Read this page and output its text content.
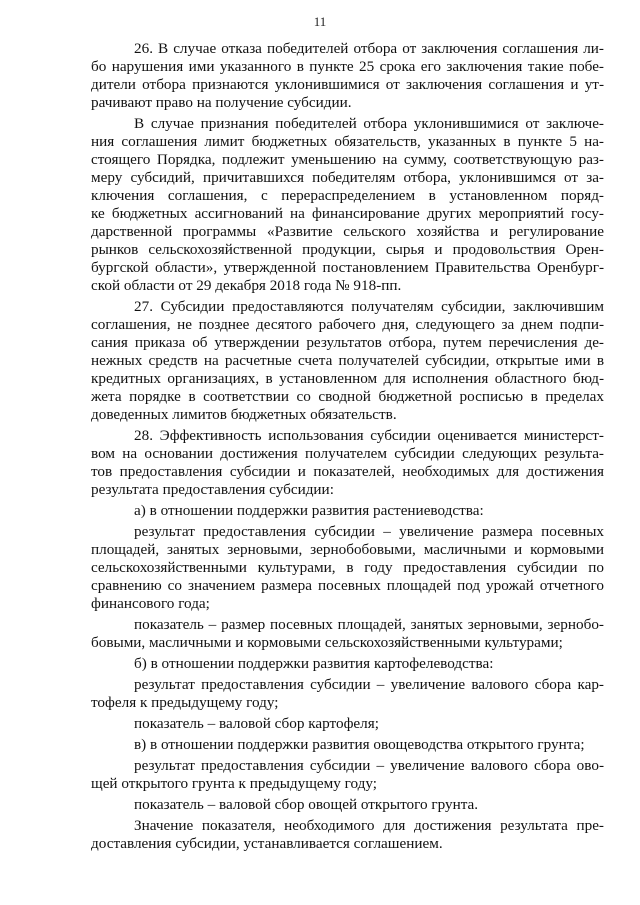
11
26. В случае отказа победителей отбора от заключения соглашения ли-
бо нарушения ими указанного в пункте 25 срока его заключения такие побе-
дители отбора признаются уклонившимися от заключения соглашения и ут-
рачивают право на получение субсидии.
В случае признания победителей отбора уклонившимися от заключе-
ния соглашения лимит бюджетных обязательств, указанных в пункте 5 на-
стоящего Порядка, подлежит уменьшению на сумму, соответствующую раз-
меру субсидий, причитавшихся победителям отбора, уклонившимся от за-
ключения соглашения, с перераспределением в установленном поряд-
ке бюджетных ассигнований на финансирование других мероприятий госу-
дарственной программы «Развитие сельского хозяйства и регулирование
рынков сельскохозяйственной продукции, сырья и продовольствия Орен-
бургской области», утвержденной постановлением Правительства Оренбург-
ской области от 29 декабря 2018 года № 918-пп.
27. Субсидии предоставляются получателям субсидии, заключившим
соглашения, не позднее десятого рабочего дня, следующего за днем подпи-
сания приказа об утверждении результатов отбора, путем перечисления де-
нежных средств на расчетные счета получателей субсидии, открытые ими в
кредитных организациях, в установленном для исполнения областного бюд-
жета порядке в соответствии со сводной бюджетной росписью в пределах
доведенных лимитов бюджетных обязательств.
28. Эффективность использования субсидии оценивается министерст-
вом на основании достижения получателем субсидии следующих результа-
тов предоставления субсидии и показателей, необходимых для достижения
результата предоставления субсидии:
а) в отношении поддержки развития растениеводства:
результат предоставления субсидии – увеличение размера посевных
площадей, занятых зерновыми, зернобобовыми, масличными и кормовыми
сельскохозяйственными культурами, в году предоставления субсидии по
сравнению со значением размера посевных площадей под урожай отчетного
финансового года;
показатель – размер посевных площадей, занятых зерновыми, зернобо-
бовыми, масличными и кормовыми сельскохозяйственными культурами;
б) в отношении поддержки развития картофелеводства:
результат предоставления субсидии – увеличение валового сбора кар-
тофеля к предыдущему году;
показатель – валовой сбор картофеля;
в) в отношении поддержки развития овощеводства открытого грунта;
результат предоставления субсидии – увеличение валового сбора ово-
щей открытого грунта к предыдущему году;
показатель – валовой сбор овощей открытого грунта.
Значение показателя, необходимого для достижения результата пре-
доставления субсидии, устанавливается соглашением.
